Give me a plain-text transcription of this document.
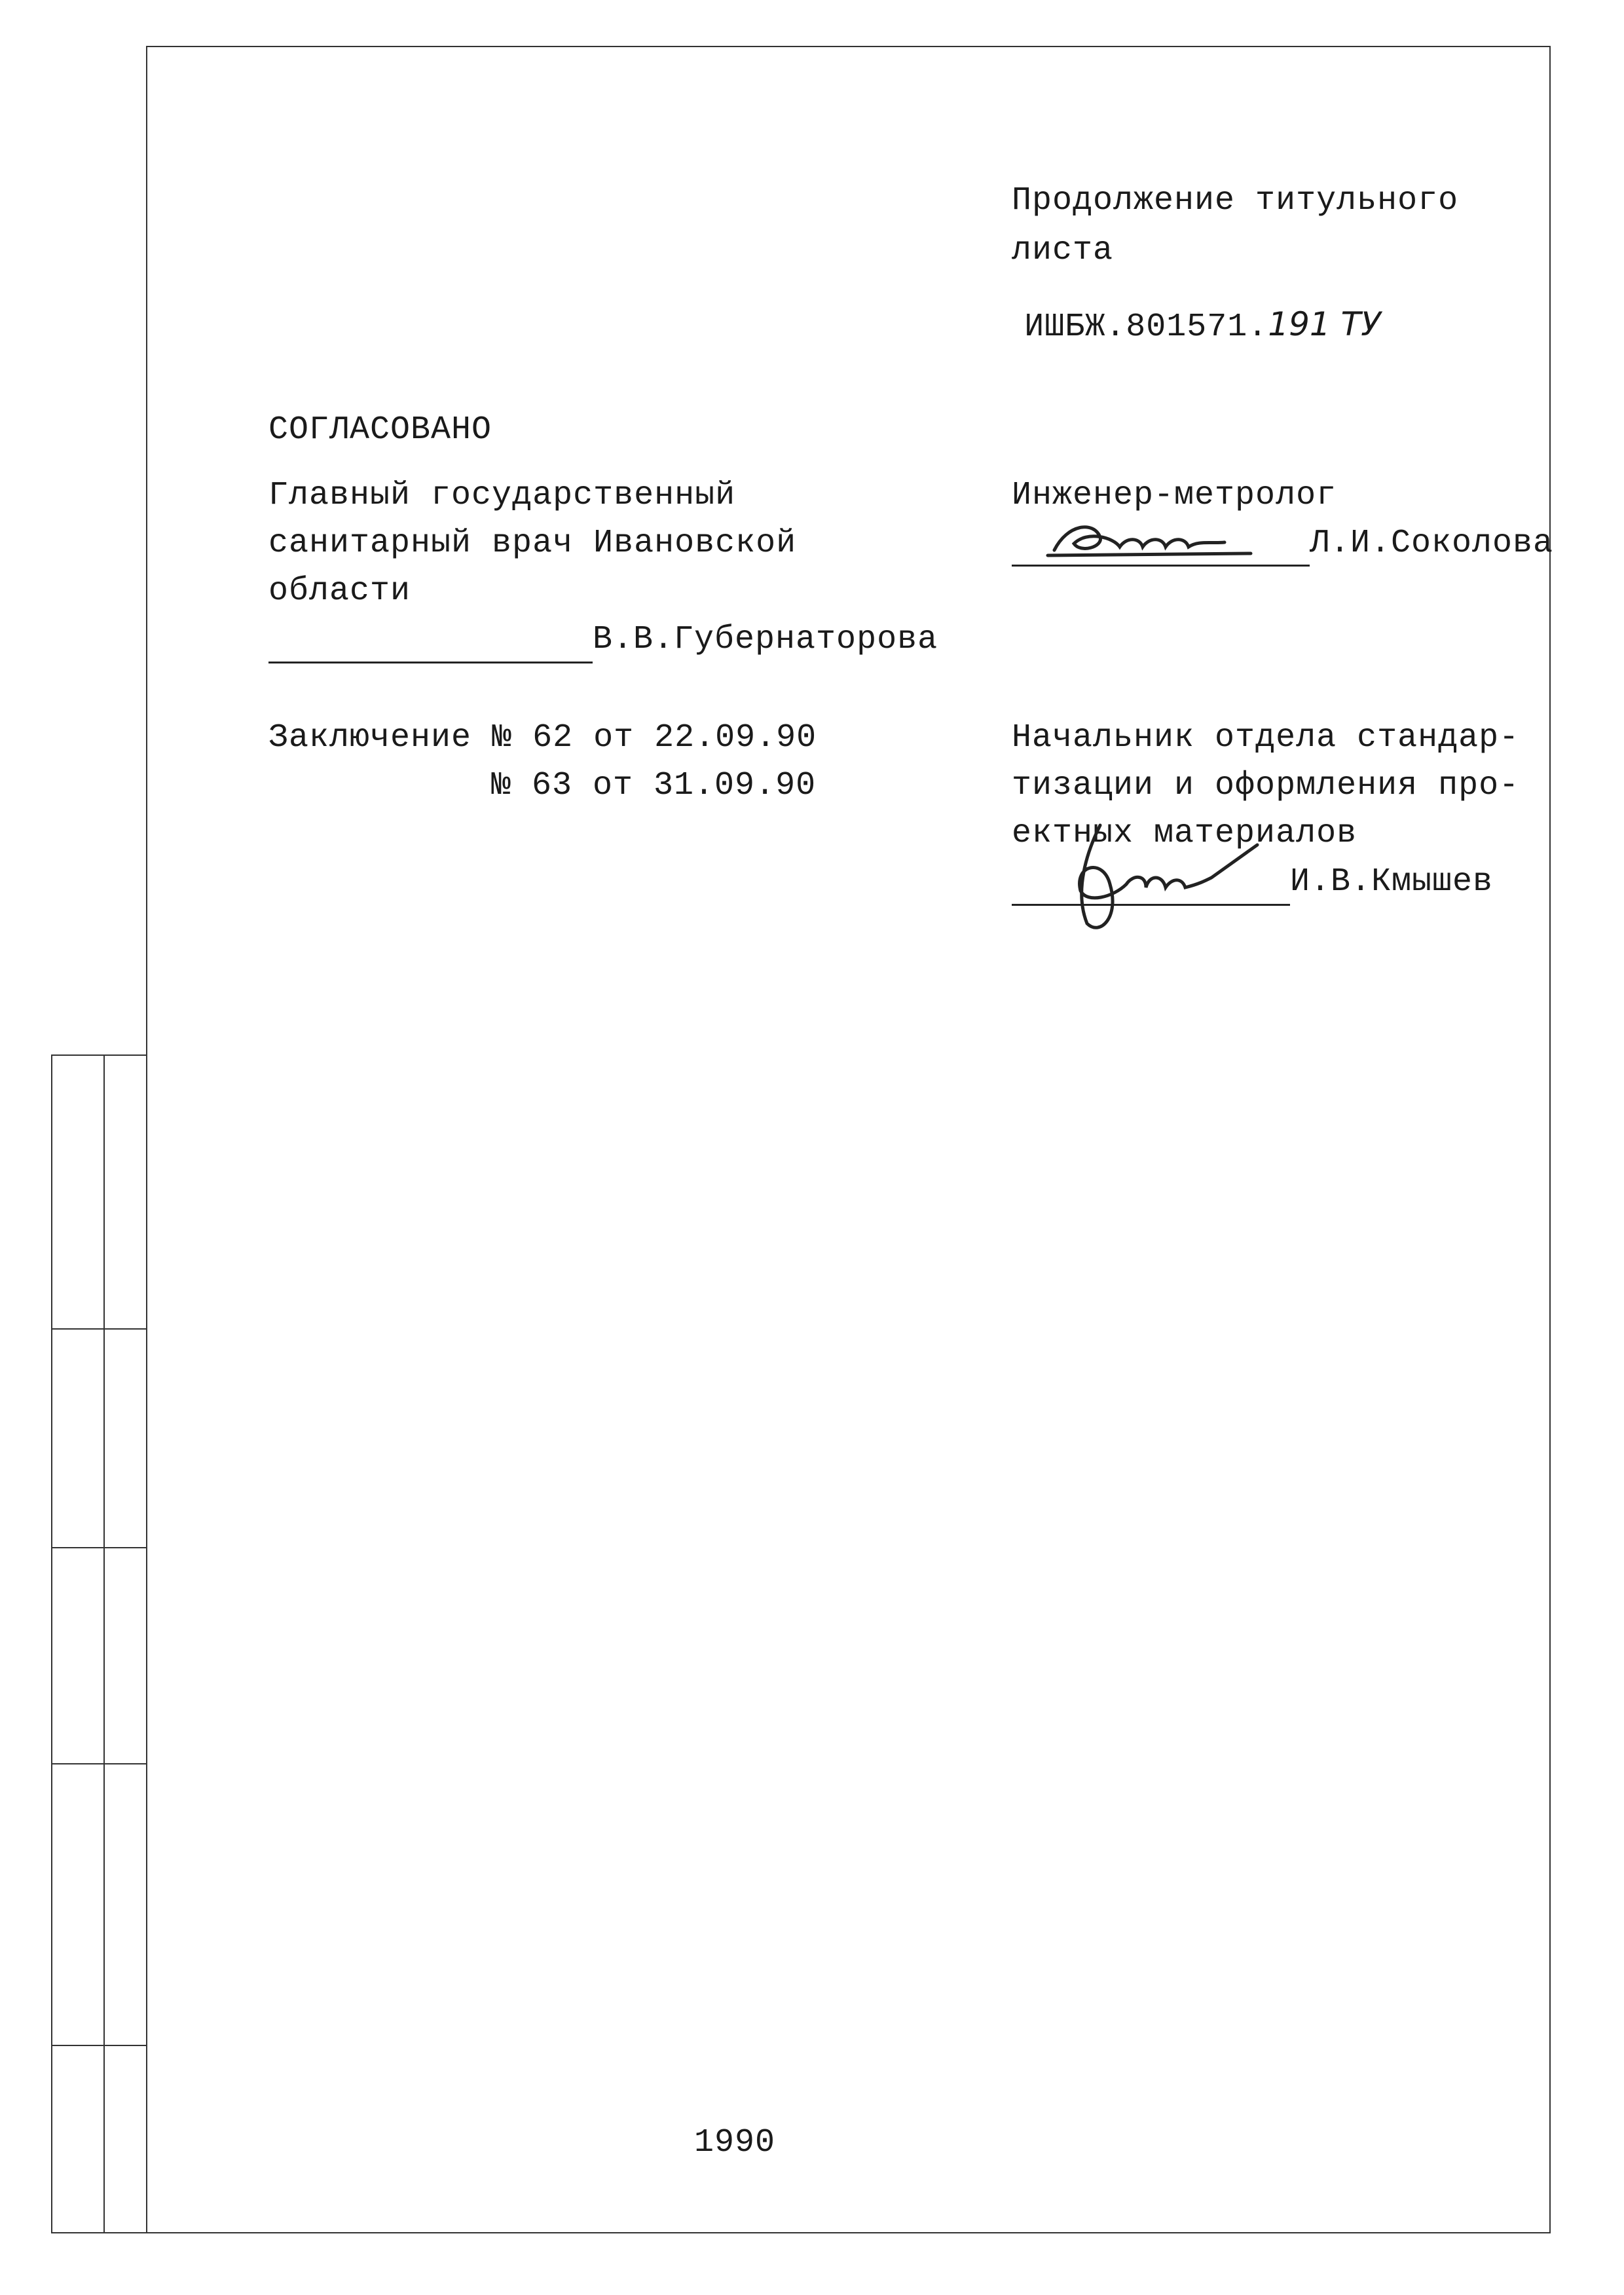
Продолжение титульного
листа

ИШБЖ.801571.191 ТУ

СОГЛАСОВАНО
Главный государственный
санитарный врач Ивановской
области
В.В.Губернаторова
Заключение № 62 от 22.09.90
№ 63 от 31.09.90
Инженер-метролог
Л.И.Соколова
Начальник отдела стандар-
тизации и оформления про-
ектных материалов
И.В.Кмышев
1990
